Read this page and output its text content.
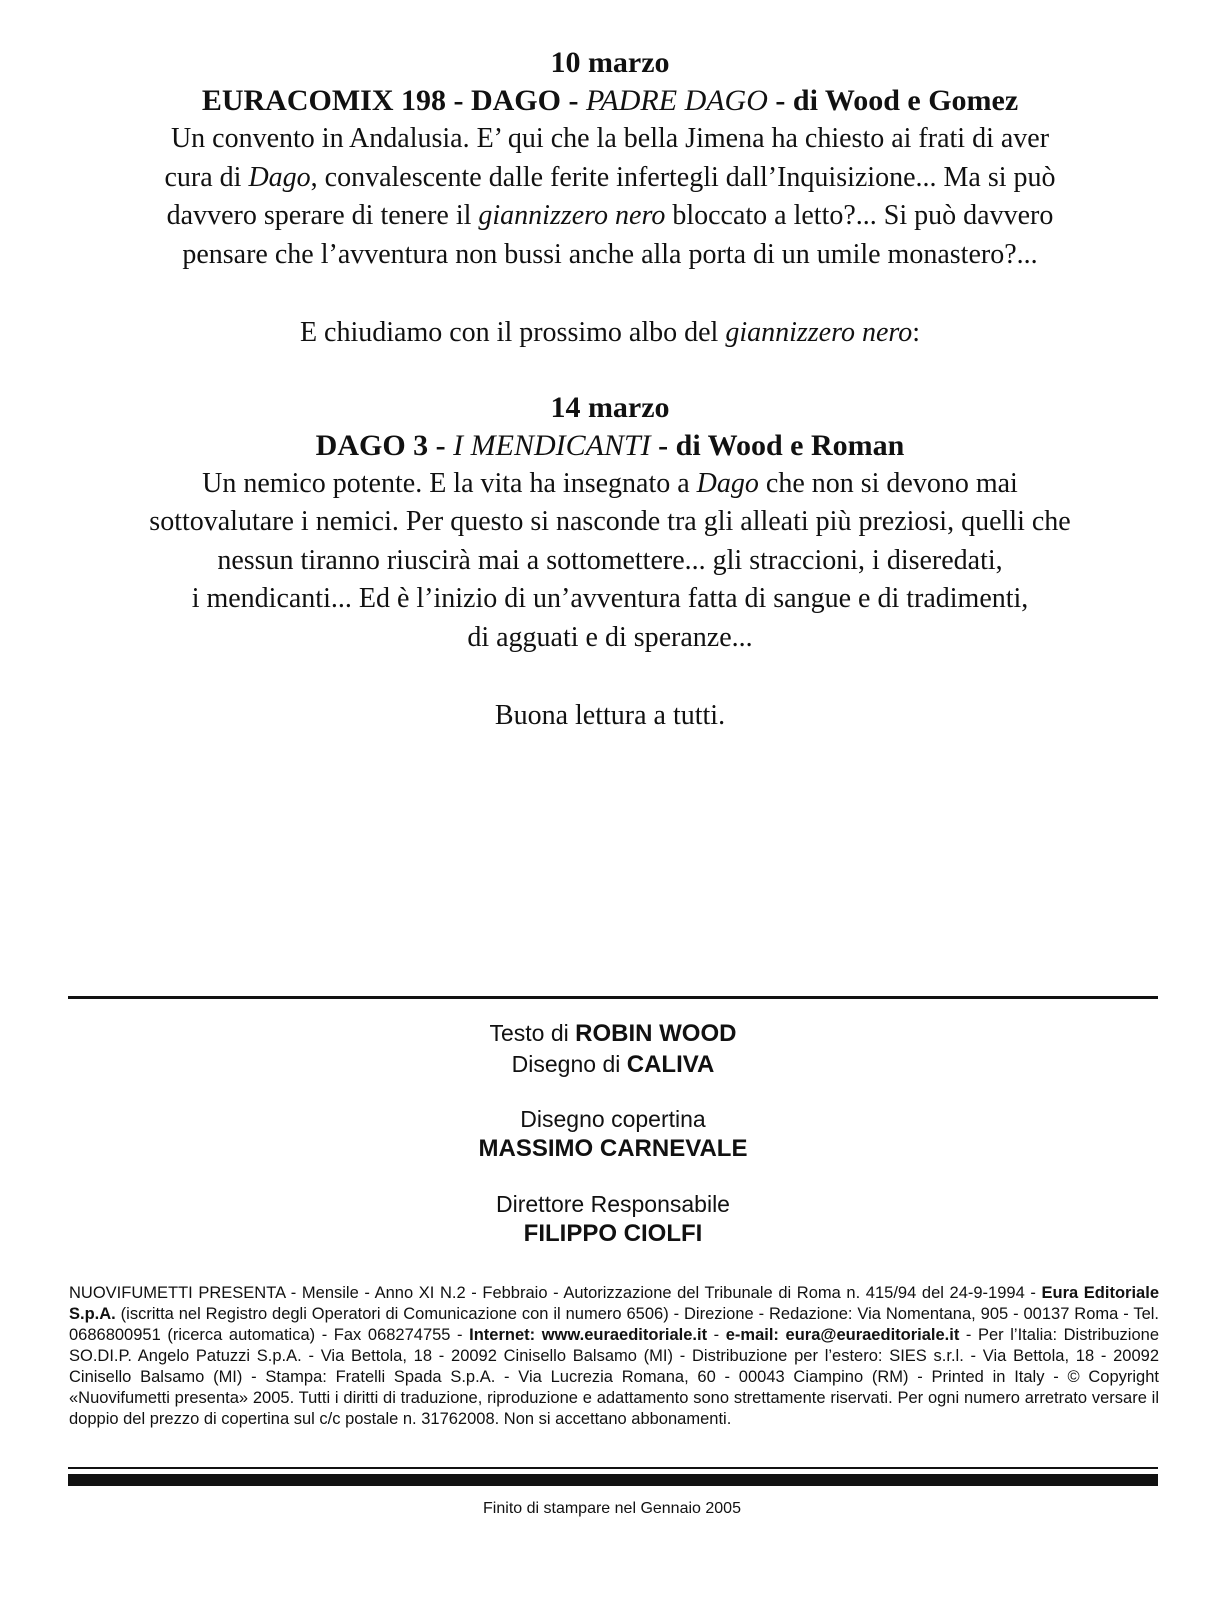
10 marzo
EURACOMIX 198 - DAGO - PADRE DAGO - di Wood e Gomez
Un convento in Andalusia. E’ qui che la bella Jimena ha chiesto ai frati di aver
cura di Dago, convalescente dalle ferite infertegli dall’Inquisizione... Ma si può
davvero sperare di tenere il giannizzero nero bloccato a letto?... Si può davvero
pensare che l’avventura non bussi anche alla porta di un umile monastero?...

E chiudiamo con il prossimo albo del giannizzero nero:

14 marzo
DAGO 3 - I MENDICANTI - di Wood e Roman
Un nemico potente. E la vita ha insegnato a Dago che non si devono mai
sottovalutare i nemici. Per questo si nasconde tra gli alleati più preziosi, quelli che
nessun tiranno riuscirà mai a sottomettere... gli straccioni, i diseredati,
i mendicanti... Ed è l’inizio di un’avventura fatta di sangue e di tradimenti,
di agguati e di speranze...

Buona lettura a tutti.

Testo di ROBIN WOOD
Disegno di CALIVA
Disegno copertina
MASSIMO CARNEVALE
Direttore Responsabile
FILIPPO CIOLFI

NUOVIFUMETTI PRESENTA - Mensile - Anno XI N.2 - Febbraio - Autorizzazione del Tribunale di Roma n. 415/94 del 24-9-1994 - Eura Editoriale S.p.A. (iscritta nel Registro degli Operatori di Comunicazione con il numero 6506) - Direzione - Redazione: Via Nomentana, 905 - 00137 Roma - Tel. 0686800951 (ricerca automatica) - Fax 068274755 - Internet: www.euraeditoriale.it - e-mail: eura@euraeditoriale.it - Per l’Italia: Distribuzione SO.DI.P. Angelo Patuzzi S.p.A. - Via Bettola, 18 - 20092 Cinisello Balsamo (MI) - Distribuzione per l’estero: SIES s.r.l. - Via Bettola, 18 - 20092 Cinisello Balsamo (MI) - Stampa: Fratelli Spada S.p.A. - Via Lucrezia Romana, 60 - 00043 Ciampino (RM) - Printed in Italy - © Copyright «Nuovifumetti presenta» 2005. Tutti i diritti di traduzione, riproduzione e adattamento sono strettamente riservati. Per ogni numero arretrato versare il doppio del prezzo di copertina sul c/c postale n. 31762008. Non si accettano abbonamenti.

Finito di stampare nel Gennaio 2005
